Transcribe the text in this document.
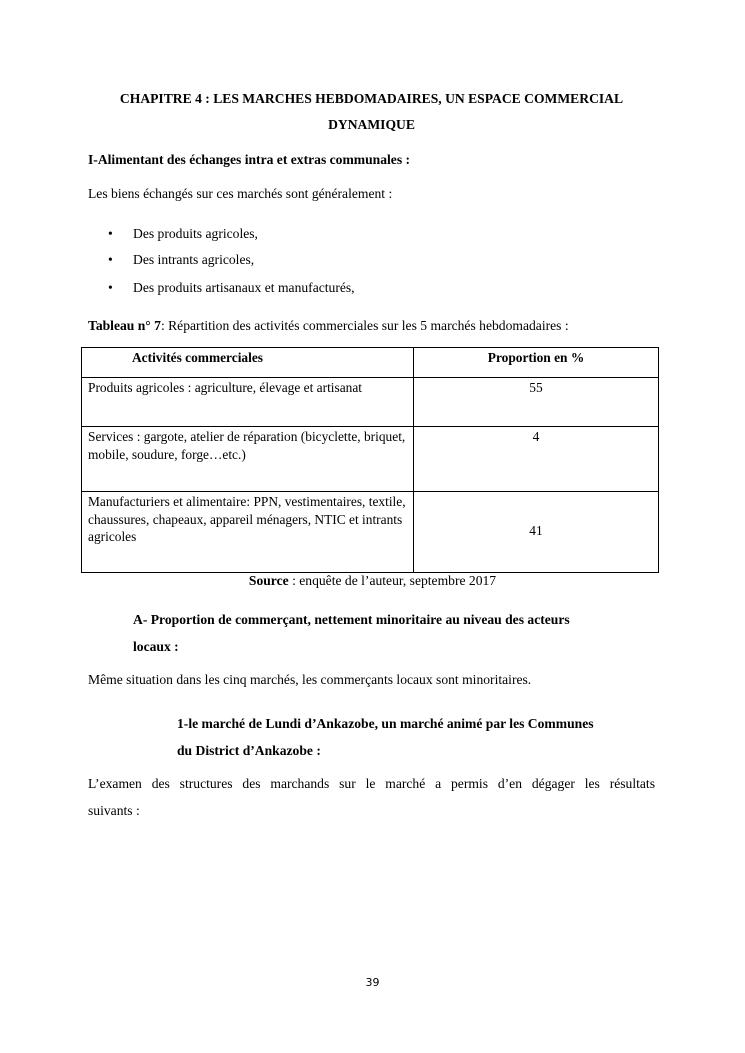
CHAPITRE 4 : LES MARCHES HEBDOMADAIRES, UN ESPACE COMMERCIAL
DYNAMIQUE
I-Alimentant des échanges intra et extras communales :
Les biens échangés sur ces marchés sont généralement :
• Des produits agricoles,
• Des intrants agricoles,
• Des produits artisanaux et manufacturés,
Tableau n° 7: Répartition des activités commerciales sur les 5 marchés hebdomadaires :
Activités commerciales	Proportion en %
Produits agricoles : agriculture, élevage et artisanat	55
Services : gargote, atelier de réparation (bicyclette, briquet, mobile, soudure, forge…etc.)	4
Manufacturiers et alimentaire: PPN, vestimentaires, textile, chaussures, chapeaux, appareil ménagers, NTIC et intrants agricoles	41
Source : enquête de l’auteur, septembre 2017
A- Proportion de commerçant, nettement minoritaire au niveau des acteurs
locaux :
Même situation dans les cinq marchés, les commerçants locaux sont minoritaires.
1-le marché de Lundi d’Ankazobe, un marché animé par les Communes
du District d’Ankazobe :
L’examen des structures des marchands sur le marché a permis d’en dégager les résultats
suivants :
39
